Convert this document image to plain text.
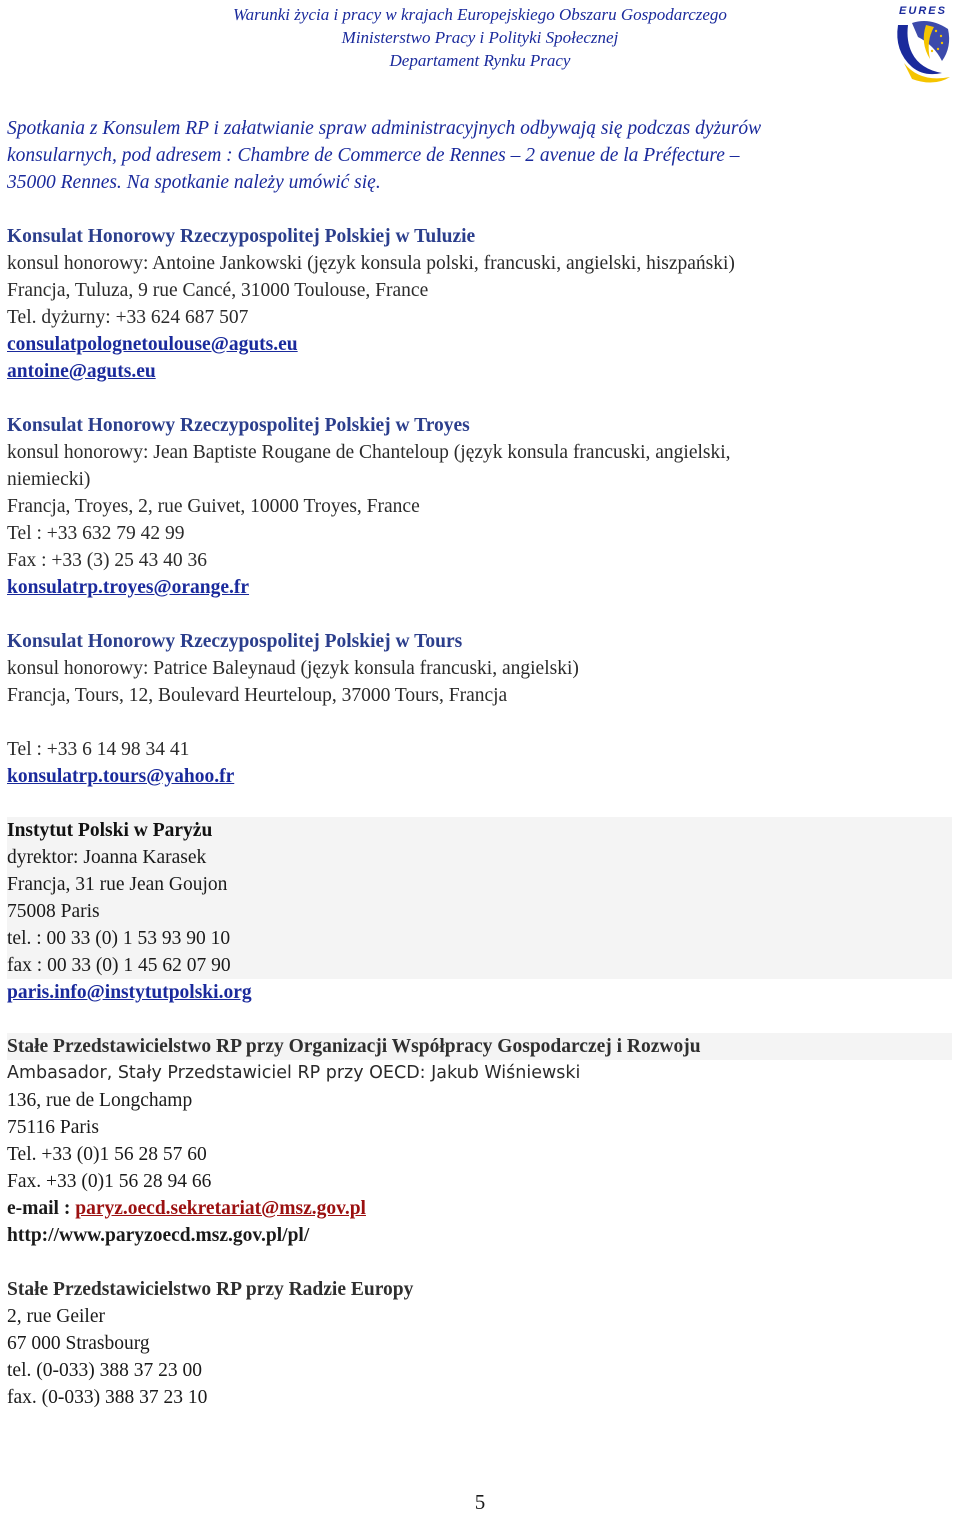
Warunki życia i pracy w krajach Europejskiego Obszaru Gospodarczego
Ministerstwo Pracy i Polityki Społecznej
Departament Rynku Pracy
EURES
Spotkania z Konsulem RP i załatwianie spraw administracyjnych odbywają się podczas dyżurów
konsularnych, pod adresem : Chambre de Commerce de Rennes – 2 avenue de la Préfecture –
35000 Rennes. Na spotkanie należy umówić się.
Konsulat Honorowy Rzeczypospolitej Polskiej w Tuluzie
konsul honorowy: Antoine Jankowski (język konsula polski, francuski, angielski, hiszpański)
Francja, Tuluza, 9 rue Cancé, 31000 Toulouse, France
Tel. dyżurny: +33 624 687 507
consulatpolognetoulouse@aguts.eu
antoine@aguts.eu
Konsulat Honorowy Rzeczypospolitej Polskiej w Troyes
konsul honorowy: Jean Baptiste Rougane de Chanteloup (język konsula francuski, angielski,
niemiecki)
Francja, Troyes, 2, rue Guivet, 10000 Troyes, France
Tel : +33 632 79 42 99
Fax : +33 (3) 25 43 40 36
konsulatrp.troyes@orange.fr
Konsulat Honorowy Rzeczypospolitej Polskiej w Tours
konsul honorowy: Patrice Baleynaud (język konsula francuski, angielski)
Francja, Tours, 12, Boulevard Heurteloup, 37000 Tours, Francja
Tel : +33 6 14 98 34 41
konsulatrp.tours@yahoo.fr
Instytut Polski w Paryżu
dyrektor: Joanna Karasek
Francja, 31 rue Jean Goujon
75008 Paris
tel. : 00 33 (0) 1 53 93 90 10
fax : 00 33 (0) 1 45 62 07 90
paris.info@instytutpolski.org
Stałe Przedstawicielstwo RP przy Organizacji Współpracy Gospodarczej i Rozwoju
Ambasador, Stały Przedstawiciel RP przy OECD: Jakub Wiśniewski
136, rue de Longchamp
75116 Paris
Tel. +33 (0)1 56 28 57 60
Fax. +33 (0)1 56 28 94 66
e-mail : paryz.oecd.sekretariat@msz.gov.pl
http://www.paryzoecd.msz.gov.pl/pl/
Stałe Przedstawicielstwo RP przy Radzie Europy
2, rue Geiler
67 000 Strasbourg
tel. (0-033) 388 37 23 00
fax. (0-033) 388 37 23 10
5
